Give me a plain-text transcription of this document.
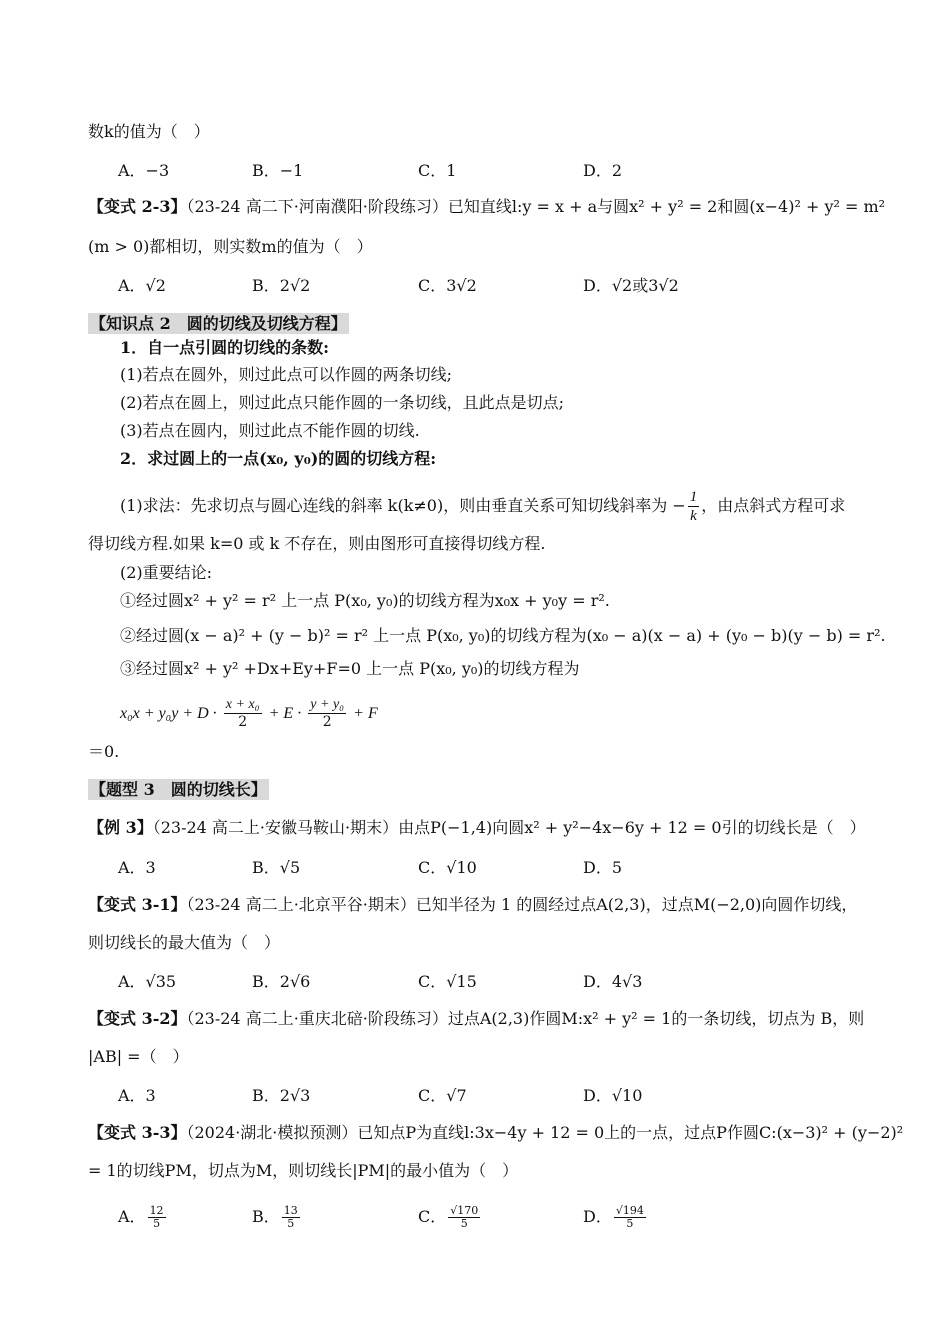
数k的值为（　）
A．−3	B．−1	C．1	D．2
【变式 2-3】（23-24 高二下·河南濮阳·阶段练习）已知直线l:y = x + a与圆x² + y² = 2和圆(x−4)² + y² = m²
(m > 0)都相切，则实数m的值为（　）
A．√2	B．2√2	C．3√2	D．√2或3√2
【知识点 2　圆的切线及切线方程】
1．自一点引圆的切线的条数:
(1)若点在圆外，则过此点可以作圆的两条切线;
(2)若点在圆上，则过此点只能作圆的一条切线，且此点是切点;
(3)若点在圆内，则过此点不能作圆的切线.
2．求过圆上的一点(x₀, y₀)的圆的切线方程:
(1)求法：先求切点与圆心连线的斜率 k(k≠0)，则由垂直关系可知切线斜率为 − $\frac{1}{k}$ ，由点斜式方程可求
得切线方程.如果 k=0 或 k 不存在，则由图形可直接得切线方程.
(2)重要结论:
①经过圆x² + y² = r² 上一点 P(x₀, y₀)的切线方程为x₀x + y₀y = r².
②经过圆(x − a)² + (y − b)² = r² 上一点 P(x₀, y₀)的切线方程为(x₀ − a)(x − a) + (y₀ − b)(y − b) = r².
③经过圆x² + y² +Dx+Ey+F=0 上一点 P(x₀, y₀)的切线方程为
$x_0x + y_0y + D \cdot \frac{\text{x + x₀}}{2} + E \cdot \frac{\text{y + y₀}}{2} + F$
＝0.
【题型 3　圆的切线长】
【例 3】（23-24 高二上·安徽马鞍山·期末）由点P(−1,4)向圆x² + y²−4x−6y + 12 = 0引的切线长是（　）
A．3	B．√5	C．√10	D．5
【变式 3-1】（23-24 高二上·北京平谷·期末）已知半径为 1 的圆经过点A(2,3)，过点M(−2,0)向圆作切线，
则切线长的最大值为（　）
A．√35	B．2√6	C．√15	D．4√3
【变式 3-2】（23-24 高二上·重庆北碚·阶段练习）过点A(2,3)作圆M:x² + y² = 1的一条切线，切点为 B，则
|AB| =（　）
A．3	B．2√3	C．√7	D．√10
【变式 3-3】（2024·湖北·模拟预测）已知点P为直线l:3x−4y + 12 = 0上的一点，过点P作圆C:(x−3)² + (y−2)²
= 1的切线PM，切点为M，则切线长|PM|的最小值为（　）
A． $\frac{12}{5}$	B． $\frac{13}{5}$	C． $\frac{√170}{5}$	D． $\frac{√194}{5}$
